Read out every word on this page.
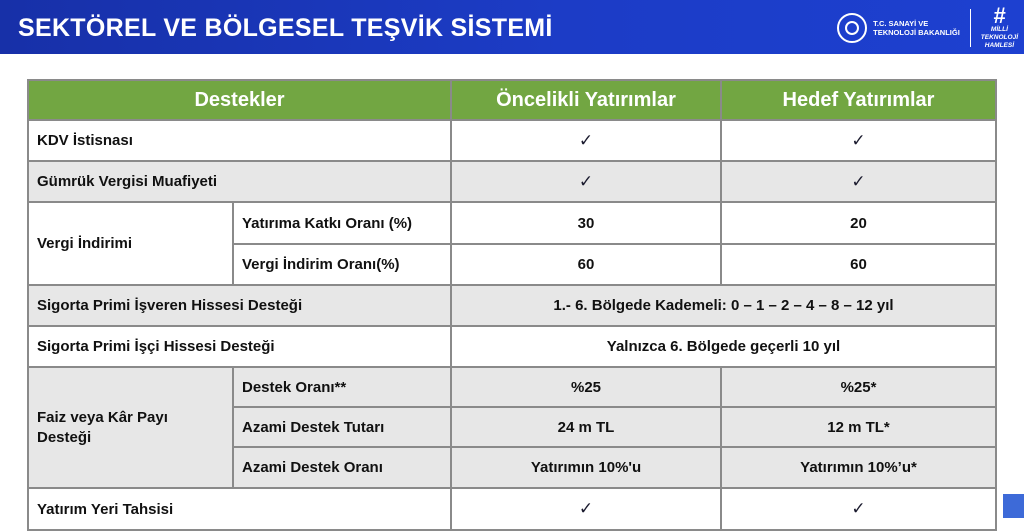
SEKTÖREL VE BÖLGESEL TEŞVİK SİSTEMİ	T.C. SANAYİ VE
TEKNOLOJİ BAKANLIĞI
#
MİLLİ
TEKNOLOJİ
HAMLESİ
Destekler	Öncelikli Yatırımlar	Hedef Yatırımlar
KDV İstisnası	✓	✓
Gümrük Vergisi Muafiyeti	✓	✓
Vergi İndirimi
Yatırıma Katkı Oranı (%)	30	20
Vergi İndirim Oranı(%)	60	60
Sigorta Primi İşveren Hissesi Desteği	1.- 6. Bölgede Kademeli: 0 – 1 – 2 – 4 – 8 – 12 yıl
Sigorta Primi İşçi Hissesi Desteği	Yalnızca 6. Bölgede geçerli 10 yıl
Faiz veya Kâr Payı
Desteği
Destek Oranı**	%25	%25*
Azami Destek Tutarı	24 m TL	12 m TL*
Azami Destek Oranı	Yatırımın 10%'u	Yatırımın 10%’u*
Yatırım Yeri Tahsisi	✓	✓
